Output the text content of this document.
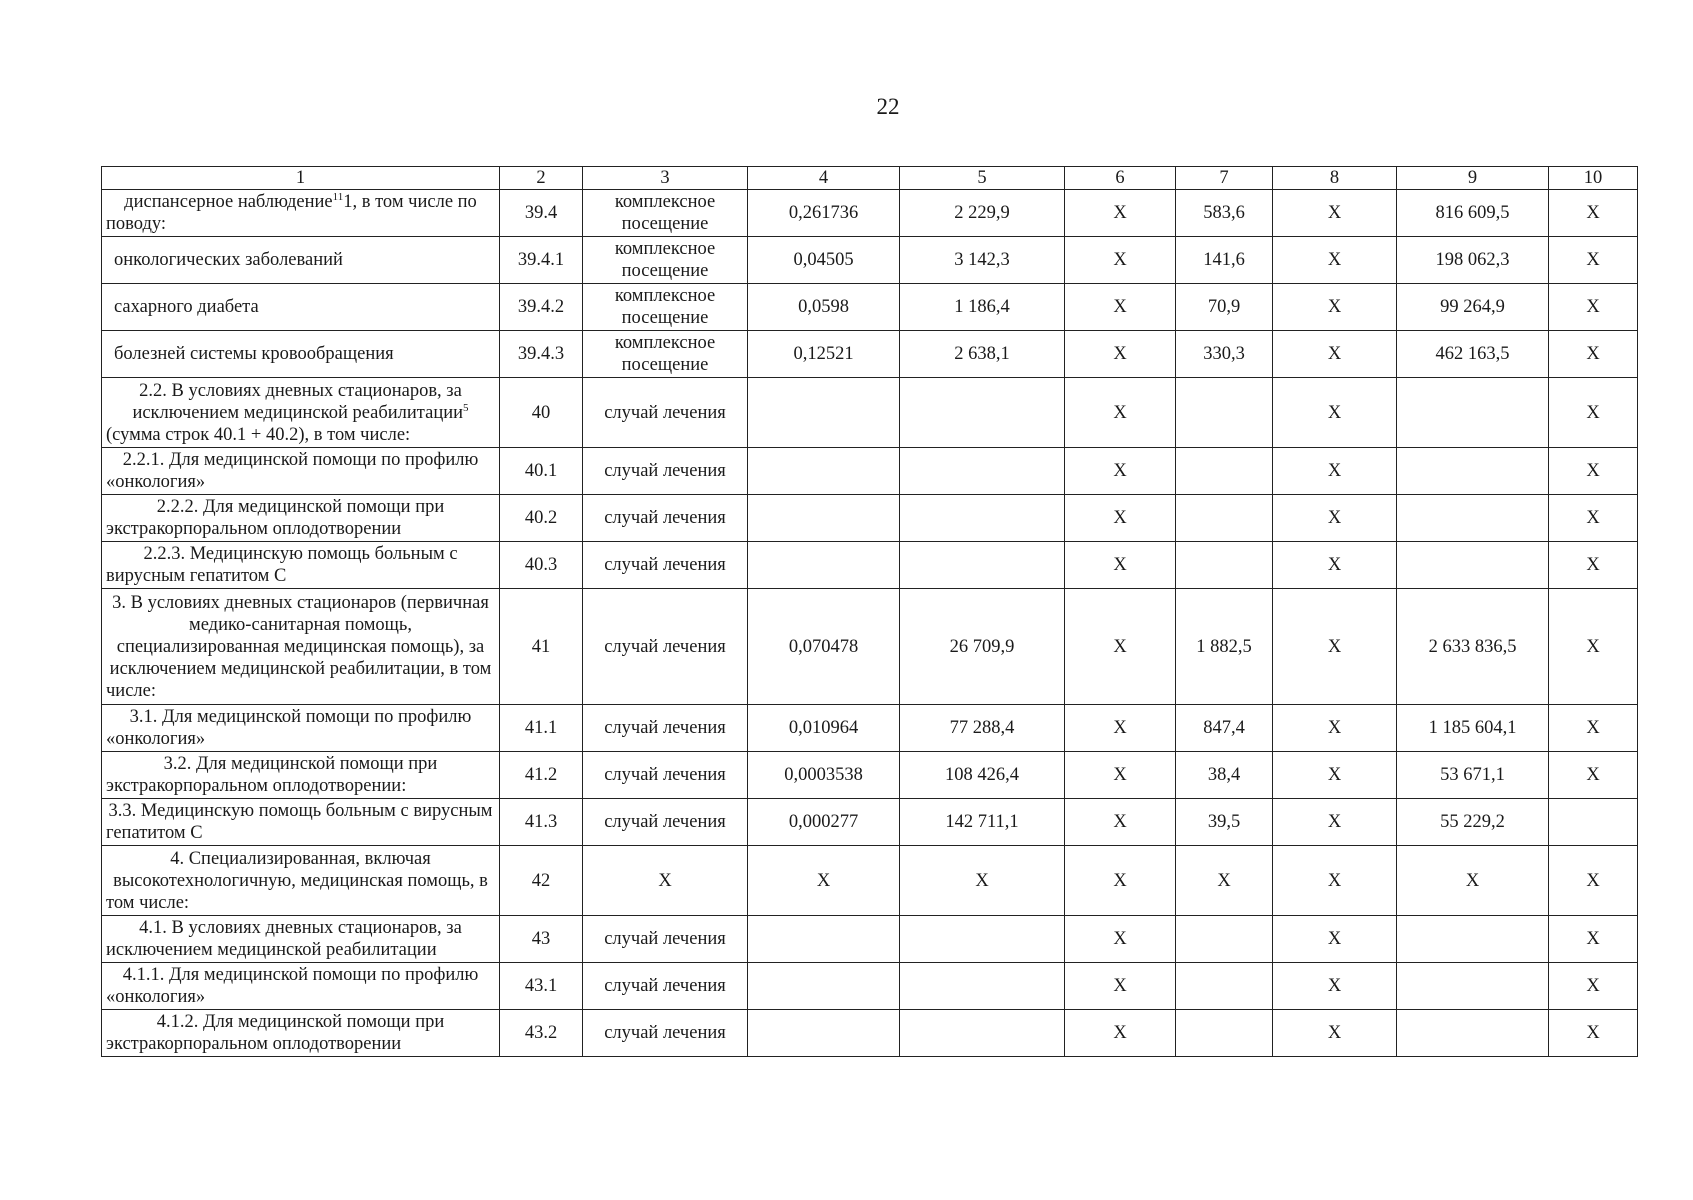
22
1	2	3	4	5	6	7	8	9	10
диспансерное наблюдение$^{11}$1, в том числе по поводу:	39.4	комплексное посещение	0,261736	2 229,9	X	583,6	X	816 609,5	X
онкологических заболеваний	39.4.1	комплексное посещение	0,04505	3 142,3	X	141,6	X	198 062,3	X
сахарного диабета	39.4.2	комплексное посещение	0,0598	1 186,4	X	70,9	X	99 264,9	X
болезней системы кровообращения	39.4.3	комплексное посещение	0,12521	2 638,1	X	330,3	X	462 163,5	X
2.2. В условиях дневных стационаров, за исключением медицинской реабилитации$^5$ (сумма строк 40.1 + 40.2), в том числе:	40	случай лечения			X		X		X
2.2.1. Для медицинской помощи по профилю «онкология»	40.1	случай лечения			X		X		X
2.2.2. Для медицинской помощи при экстракорпоральном оплодотворении	40.2	случай лечения			X		X		X
2.2.3. Медицинскую помощь больным с вирусным гепатитом С	40.3	случай лечения			X		X		X
3. В условиях дневных стационаров (первичная медико-санитарная помощь, специализированная медицинская помощь), за исключением медицинской реабилитации, в том числе:	41	случай лечения	0,070478	26 709,9	X	1 882,5	X	2 633 836,5	X
3.1. Для медицинской помощи по профилю «онкология»	41.1	случай лечения	0,010964	77 288,4	X	847,4	X	1 185 604,1	X
3.2. Для медицинской помощи при экстракорпоральном оплодотворении:	41.2	случай лечения	0,0003538	108 426,4	X	38,4	X	53 671,1	X
3.3. Медицинскую помощь больным с вирусным гепатитом С	41.3	случай лечения	0,000277	142 711,1	X	39,5	X	55 229,2	
4. Специализированная, включая высокотехнологичную, медицинская помощь, в том числе:	42	X	X	X	X	X	X	X	X
4.1. В условиях дневных стационаров, за исключением медицинской реабилитации	43	случай лечения			X		X		X
4.1.1. Для медицинской помощи по профилю «онкология»	43.1	случай лечения			X		X		X
4.1.2. Для медицинской помощи при экстракорпоральном оплодотворении	43.2	случай лечения			X		X		X
